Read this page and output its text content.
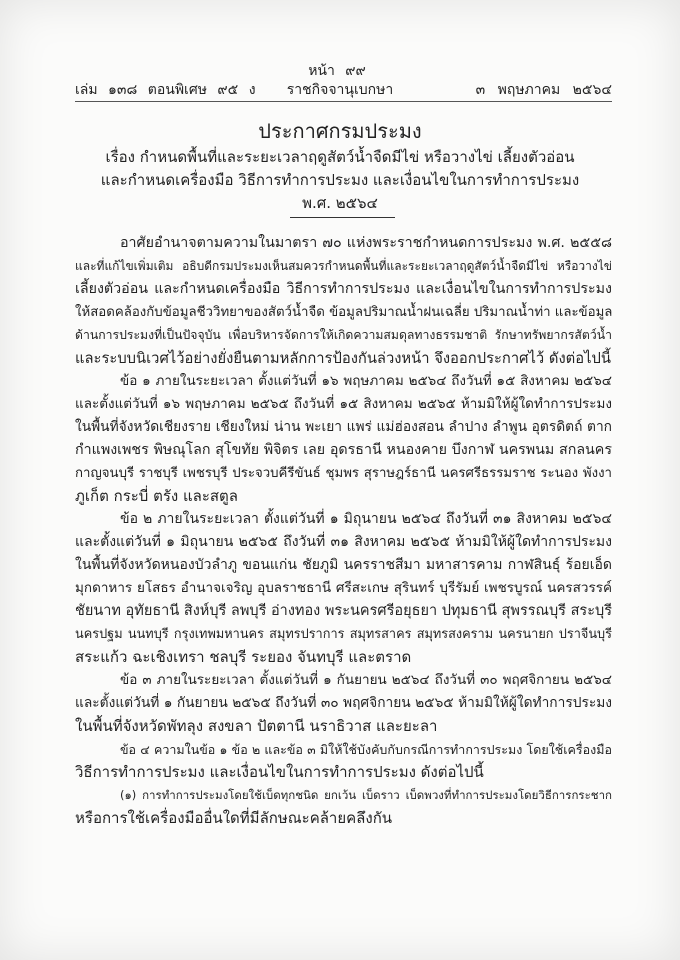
หน้า ๙๙
เล่ม ๑๓๘ ตอนพิเศษ ๙๕ ง	ราชกิจจานุเบกษา	๓ พฤษภาคม ๒๕๖๔
ประกาศกรมประมง
เรื่อง กำหนดพื้นที่และระยะเวลาฤดูสัตว์น้ำจืดมีไข่ หรือวางไข่ เลี้ยงตัวอ่อน
และกำหนดเครื่องมือ วิธีการทำการประมง และเงื่อนไขในการทำการประมง
พ.ศ. ๒๕๖๔
อาศัยอำนาจตามความในมาตรา ๗๐ แห่งพระราชกำหนดการประมง พ.ศ. ๒๕๕๘
และที่แก้ไขเพิ่มเติม อธิบดีกรมประมงเห็นสมควรกำหนดพื้นที่และระยะเวลาฤดูสัตว์น้ำจืดมีไข่ หรือวางไข่
เลี้ยงตัวอ่อน และกำหนดเครื่องมือ วิธีการทำการประมง และเงื่อนไขในการทำการประมง
ให้สอดคล้องกับข้อมูลชีววิทยาของสัตว์น้ำจืด ข้อมูลปริมาณน้ำฝนเฉลี่ย ปริมาณน้ำท่า และข้อมูล
ด้านการประมงที่เป็นปัจจุบัน เพื่อบริหารจัดการให้เกิดความสมดุลทางธรรมชาติ รักษาทรัพยากรสัตว์น้ำ
และระบบนิเวศไว้อย่างยั่งยืนตามหลักการป้องกันล่วงหน้า จึงออกประกาศไว้ ดังต่อไปนี้
ข้อ ๑ ภายในระยะเวลา ตั้งแต่วันที่ ๑๖ พฤษภาคม ๒๕๖๔ ถึงวันที่ ๑๕ สิงหาคม ๒๕๖๔
และตั้งแต่วันที่ ๑๖ พฤษภาคม ๒๕๖๕ ถึงวันที่ ๑๕ สิงหาคม ๒๕๖๕ ห้ามมิให้ผู้ใดทำการประมง
ในพื้นที่จังหวัดเชียงราย เชียงใหม่ น่าน พะเยา แพร่ แม่ฮ่องสอน ลำปาง ลำพูน อุตรดิตถ์ ตาก
กำแพงเพชร พิษณุโลก สุโขทัย พิจิตร เลย อุดรธานี หนองคาย บึงกาฬ นครพนม สกลนคร
กาญจนบุรี ราชบุรี เพชรบุรี ประจวบคีรีขันธ์ ชุมพร สุราษฎร์ธานี นครศรีธรรมราช ระนอง พังงา
ภูเก็ต กระบี่ ตรัง และสตูล
ข้อ ๒ ภายในระยะเวลา ตั้งแต่วันที่ ๑ มิถุนายน ๒๕๖๔ ถึงวันที่ ๓๑ สิงหาคม ๒๕๖๔
และตั้งแต่วันที่ ๑ มิถุนายน ๒๕๖๕ ถึงวันที่ ๓๑ สิงหาคม ๒๕๖๕ ห้ามมิให้ผู้ใดทำการประมง
ในพื้นที่จังหวัดหนองบัวลำภู ขอนแก่น ชัยภูมิ นครราชสีมา มหาสารคาม กาฬสินธุ์ ร้อยเอ็ด
มุกดาหาร ยโสธร อำนาจเจริญ อุบลราชธานี ศรีสะเกษ สุรินทร์ บุรีรัมย์ เพชรบูรณ์ นครสวรรค์
ชัยนาท อุทัยธานี สิงห์บุรี ลพบุรี อ่างทอง พระนครศรีอยุธยา ปทุมธานี สุพรรณบุรี สระบุรี
นครปฐม นนทบุรี กรุงเทพมหานคร สมุทรปราการ สมุทรสาคร สมุทรสงคราม นครนายก ปราจีนบุรี
สระแก้ว ฉะเชิงเทรา ชลบุรี ระยอง จันทบุรี และตราด
ข้อ ๓ ภายในระยะเวลา ตั้งแต่วันที่ ๑ กันยายน ๒๕๖๔ ถึงวันที่ ๓๐ พฤศจิกายน ๒๕๖๔
และตั้งแต่วันที่ ๑ กันยายน ๒๕๖๕ ถึงวันที่ ๓๐ พฤศจิกายน ๒๕๖๕ ห้ามมิให้ผู้ใดทำการประมง
ในพื้นที่จังหวัดพัทลุง สงขลา ปัตตานี นราธิวาส และยะลา
ข้อ ๔ ความในข้อ ๑ ข้อ ๒ และข้อ ๓ มิให้ใช้บังคับกับกรณีการทำการประมง โดยใช้เครื่องมือ
วิธีการทำการประมง และเงื่อนไขในการทำการประมง ดังต่อไปนี้
(๑) การทำการประมงโดยใช้เบ็ดทุกชนิด ยกเว้น เบ็ดราว เบ็ดพวงที่ทำการประมงโดยวิธีการกระชาก
หรือการใช้เครื่องมืออื่นใดที่มีลักษณะคล้ายคลึงกัน
